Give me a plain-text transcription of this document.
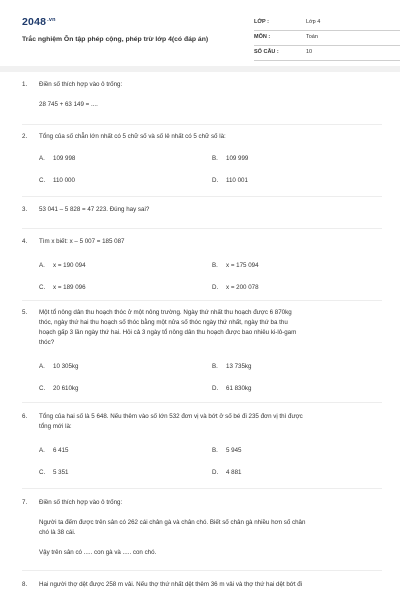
$2048^{.vn}$
Trắc nghiệm Ôn tập phép cộng, phép trừ lớp 4(có đáp án)
LỚP :	Lớp 4
MÔN :	Toán
SỐ CÂU :	10
1. Điền số thích hợp vào ô trống:
28 745 + 63 149 = ....
2. Tổng của số chẵn lớn nhất có 5 chữ số và số lẻ nhất có 5 chữ số là:
A. 109 998	B. 109 999
C. 110 000	D. 110 001
3. 53 041 – 5 828 = 47 223. Đúng hay sai?
4. Tìm x biết: x – 5 007 = 185 087
A. x = 190 094	B. x = 175 094
C. x = 189 096	D. x = 200 078
5. Một tổ nông dân thu hoạch thóc ở một nông trường. Ngày thứ nhất thu hoạch được 6 870kg
thóc, ngày thứ hai thu hoạch số thóc bằng một nửa số thóc ngày thứ nhất, ngày thứ ba thu
hoạch gấp 3 lần ngày thứ hai. Hỏi cả 3 ngày tổ nông dân thu hoạch được bao nhiêu ki-lô-gam
thóc?
A. 10 305kg	B. 13 735kg
C. 20 610kg	D. 61 830kg
6. Tổng của hai số là 5 648. Nếu thêm vào số lớn 532 đơn vị và bớt ở số bé đi 235 đơn vị thì được
tổng mới là:
A. 6 415	B. 5 945
C. 5 351	D. 4 881
7. Điền số thích hợp vào ô trống:
Người ta đếm được trên sân có 262 cái chân gà và chân chó. Biết số chân gà nhiều hơn số chân
chó là 38 cái.
Vậy trên sân có ..... con gà và ..... con chó.
8. Hai người thợ dệt được 258 m vải. Nếu thợ thứ nhất dệt thêm 36 m vải và thợ thứ hai dệt bớt đi
